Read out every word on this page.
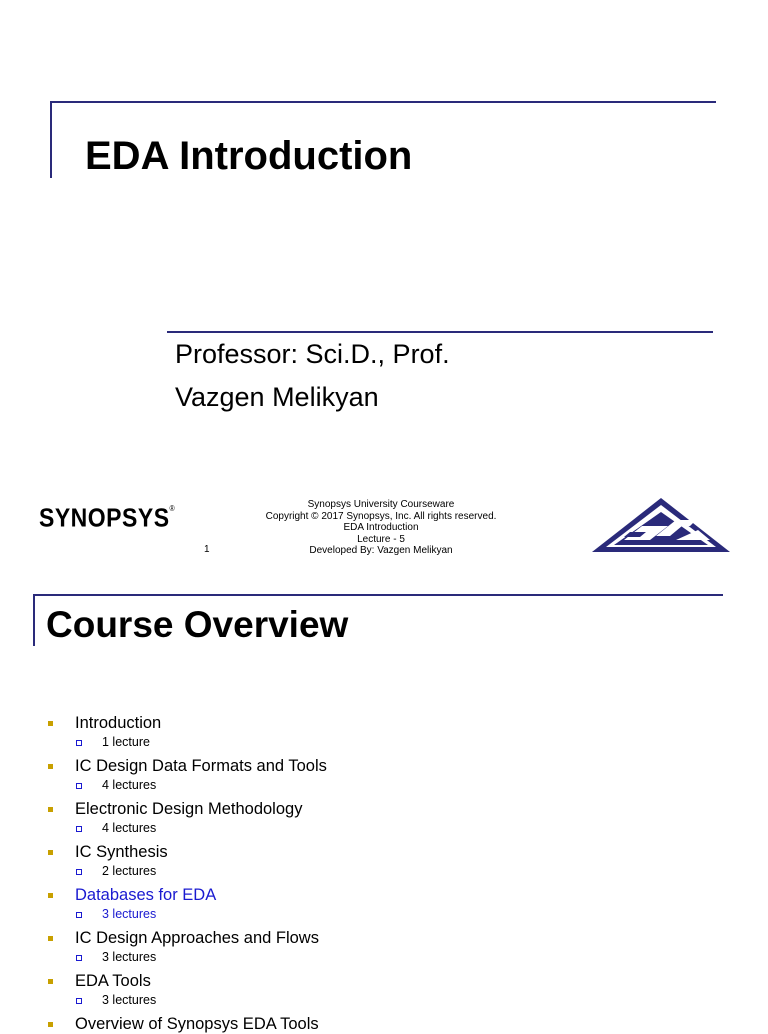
EDA Introduction
Professor: Sci.D., Prof.
Vazgen Melikyan
SYNOPSYS®	Synopsys University Courseware
Copyright © 2017 Synopsys, Inc. All rights reserved.
EDA Introduction
Lecture - 5
Developed By: Vazgen Melikyan
1
Course Overview
Introduction
1 lecture
IC Design Data Formats and Tools
4 lectures
Electronic Design Methodology
4 lectures
IC Synthesis
2 lectures
Databases for EDA
3 lectures
IC Design Approaches and Flows
3 lectures
EDA Tools
3 lectures
Overview of Synopsys EDA Tools
